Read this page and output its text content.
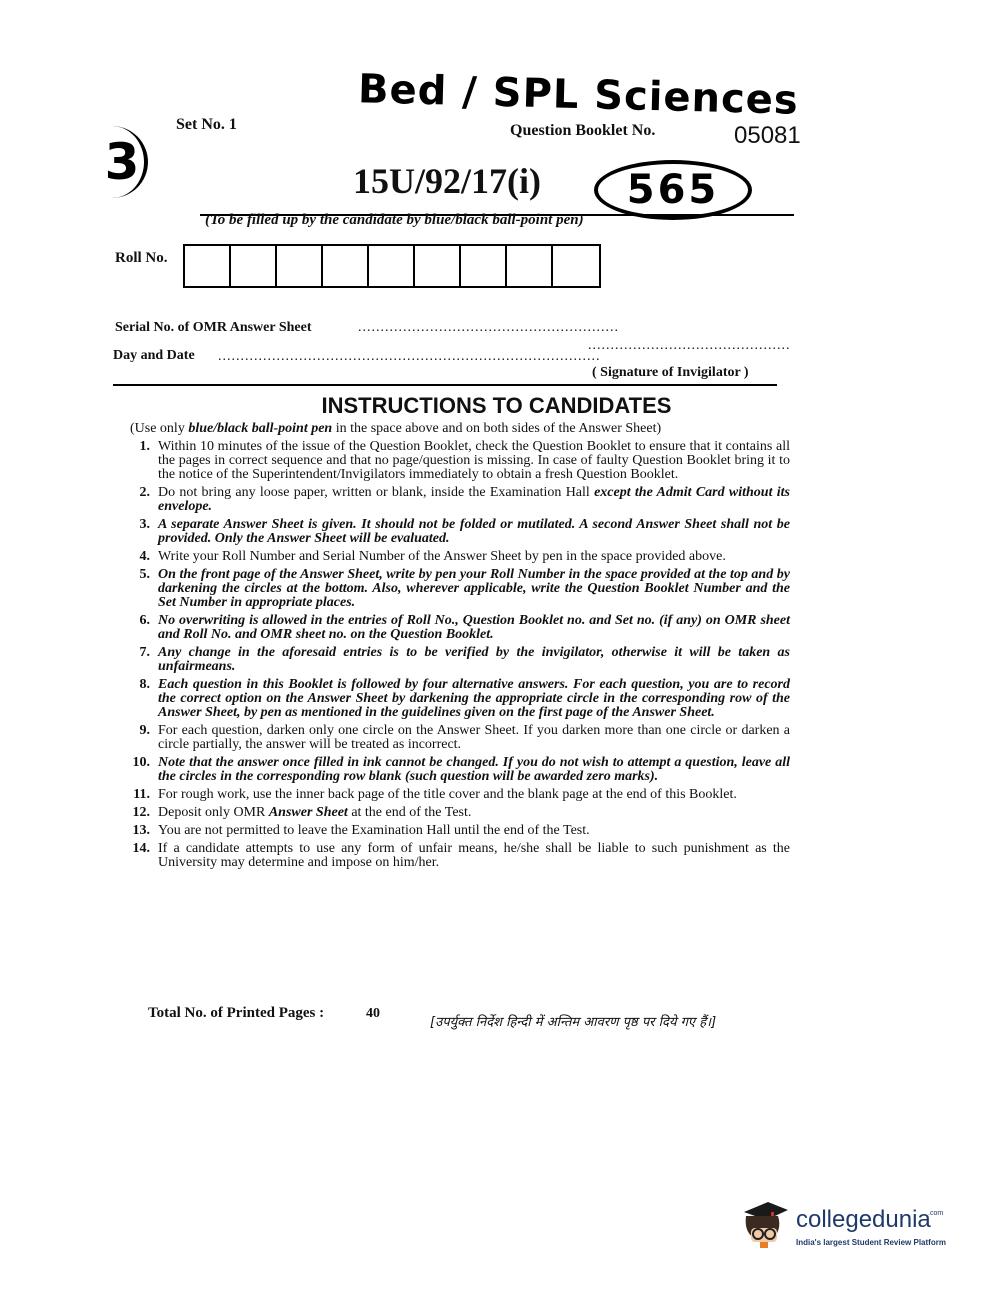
3
Set No. 1
Bed / SPL Sciences
Question Booklet No.	05081
15U/92/17(i)	565
(To be filled up by the candidate by blue/black ball-point pen)
Roll No.
Serial No. of OMR Answer Sheet	..........................................................
Day and Date .....................................................................................
.............................................
( Signature of Invigilator )
INSTRUCTIONS TO CANDIDATES
(Use only blue/black ball-point pen in the space above and on both sides of the Answer Sheet)
1. Within 10 minutes of the issue of the Question Booklet, check the Question Booklet to ensure that it contains all the pages in correct sequence and that no page/question is missing. In case of faulty Question Booklet bring it to the notice of the Superintendent/Invigilators immediately to obtain a fresh Question Booklet.
2. Do not bring any loose paper, written or blank, inside the Examination Hall except the Admit Card without its envelope.
3. A separate Answer Sheet is given. It should not be folded or mutilated. A second Answer Sheet shall not be provided. Only the Answer Sheet will be evaluated.
4. Write your Roll Number and Serial Number of the Answer Sheet by pen in the space provided above.
5. On the front page of the Answer Sheet, write by pen your Roll Number in the space provided at the top and by darkening the circles at the bottom. Also, wherever applicable, write the Question Booklet Number and the Set Number in appropriate places.
6. No overwriting is allowed in the entries of Roll No., Question Booklet no. and Set no. (if any) on OMR sheet and Roll No. and OMR sheet no. on the Question Booklet.
7. Any change in the aforesaid entries is to be verified by the invigilator, otherwise it will be taken as unfairmeans.
8. Each question in this Booklet is followed by four alternative answers. For each question, you are to record the correct option on the Answer Sheet by darkening the appropriate circle in the corresponding row of the Answer Sheet, by pen as mentioned in the guidelines given on the first page of the Answer Sheet.
9. For each question, darken only one circle on the Answer Sheet. If you darken more than one circle or darken a circle partially, the answer will be treated as incorrect.
10. Note that the answer once filled in ink cannot be changed. If you do not wish to attempt a question, leave all the circles in the corresponding row blank (such question will be awarded zero marks).
11. For rough work, use the inner back page of the title cover and the blank page at the end of this Booklet.
12. Deposit only OMR Answer Sheet at the end of the Test.
13. You are not permitted to leave the Examination Hall until the end of the Test.
14. If a candidate attempts to use any form of unfair means, he/she shall be liable to such punishment as the University may determine and impose on him/her.
Total No. of Printed Pages :	40
[उपर्युक्त निर्देश हिन्दी में अन्तिम आवरण पृष्ठ पर दिये गए हैं।]
collegedunia
.com
India's largest Student Review Platform
